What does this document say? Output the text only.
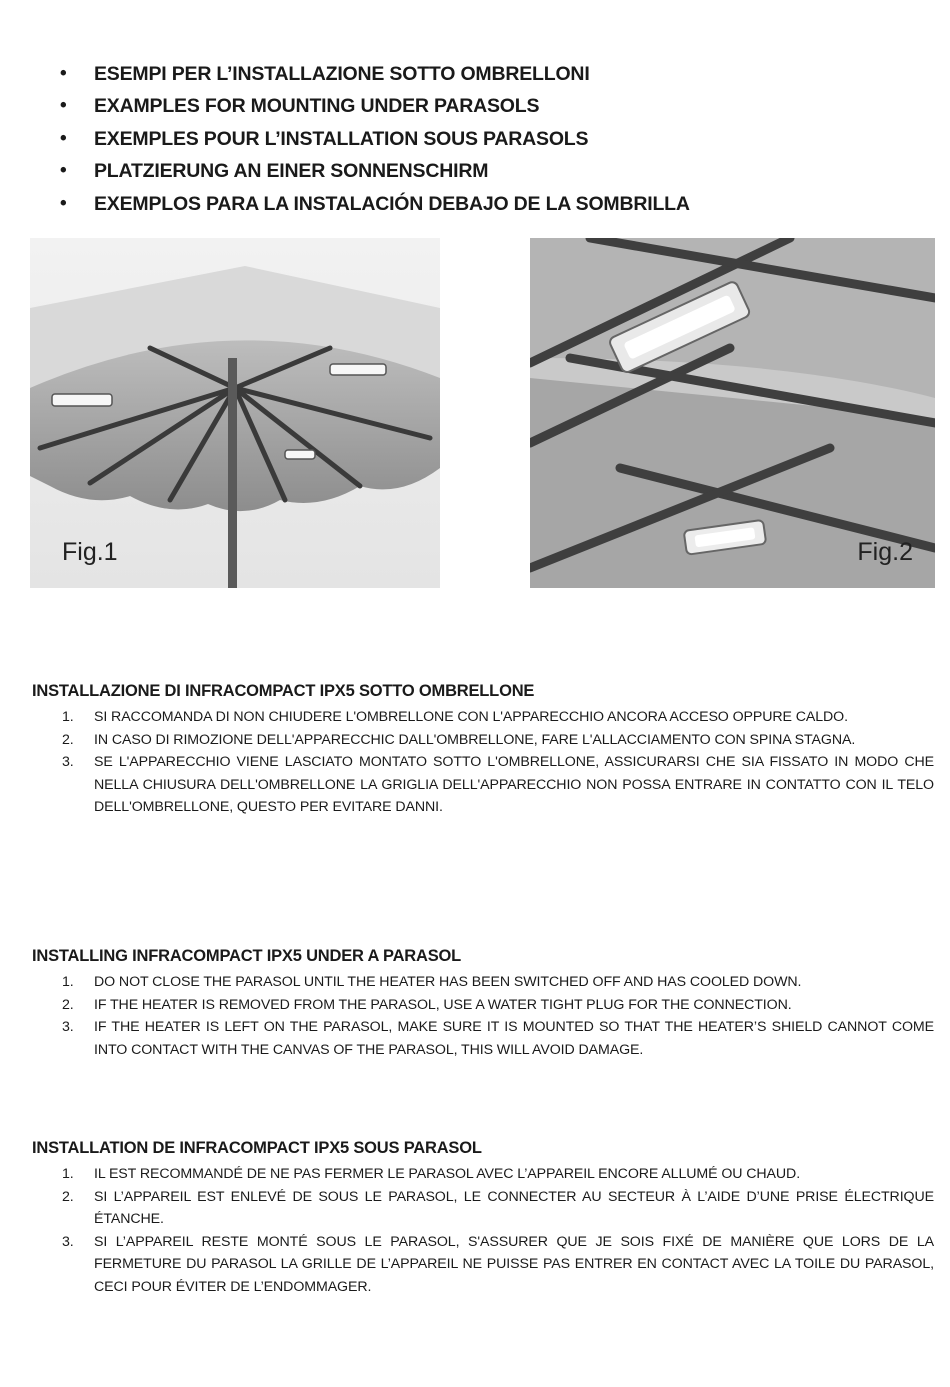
• ESEMPI PER L’INSTALLAZIONE SOTTO OMBRELLONI
• EXAMPLES FOR MOUNTING UNDER PARASOLS
• EXEMPLES POUR L’INSTALLATION SOUS PARASOLS
• PLATZIERUNG AN EINER SONNENSCHIRM
• EXEMPLOS PARA LA INSTALACIÓN DEBAJO DE LA SOMBRILLA
Fig.1	Fig.2
INSTALLAZIONE DI INFRACOMPACT IPX5 SOTTO OMBRELLONE
1. SI RACCOMANDA DI NON CHIUDERE L'OMBRELLONE CON L'APPARECCHIO ANCORA ACCESO OPPURE CALDO.
2. IN CASO DI RIMOZIONE DELL'APPARECCHIC DALL'OMBRELLONE, FARE L'ALLACCIAMENTO CON SPINA STAGNA.
3. SE L'APPARECCHIO VIENE LASCIATO MONTATO SOTTO L'OMBRELLONE, ASSICURARSI CHE SIA FISSATO IN MODO CHE NELLA CHIUSURA DELL'OMBRELLONE LA GRIGLIA DELL'APPARECCHIO NON POSSA ENTRARE IN CONTATTO CON IL TELO DELL'OMBRELLONE, QUESTO PER EVITARE DANNI.
INSTALLING INFRACOMPACT IPX5 UNDER A PARASOL
1. DO NOT CLOSE THE PARASOL UNTIL THE HEATER HAS BEEN SWITCHED OFF AND HAS COOLED DOWN.
2. IF THE HEATER IS REMOVED FROM THE PARASOL, USE A WATER TIGHT PLUG FOR THE CONNECTION.
3. IF THE HEATER IS LEFT ON THE PARASOL, MAKE SURE IT IS MOUNTED SO THAT THE HEATER’S SHIELD CANNOT COME INTO CONTACT WITH THE CANVAS OF THE PARASOL, THIS WILL AVOID DAMAGE.
INSTALLATION DE INFRACOMPACT IPX5 SOUS PARASOL
1. IL EST RECOMMANDÉ DE NE PAS FERMER LE PARASOL AVEC L’APPAREIL ENCORE ALLUMÉ OU CHAUD.
2. SI L’APPAREIL EST ENLEVÉ DE SOUS LE PARASOL, LE CONNECTER AU SECTEUR À L’AIDE D’UNE PRISE ÉLECTRIQUE ÉTANCHE.
3. SI L’APPAREIL RESTE MONTÉ SOUS LE PARASOL, S'ASSURER QUE JE SOIS FIXÉ DE MANIÈRE QUE LORS DE LA FERMETURE DU PARASOL LA GRILLE DE L’APPAREIL NE PUISSE PAS ENTRER EN CONTACT AVEC LA TOILE DU PARASOL, CECI POUR ÉVITER DE L’ENDOMMAGER.
